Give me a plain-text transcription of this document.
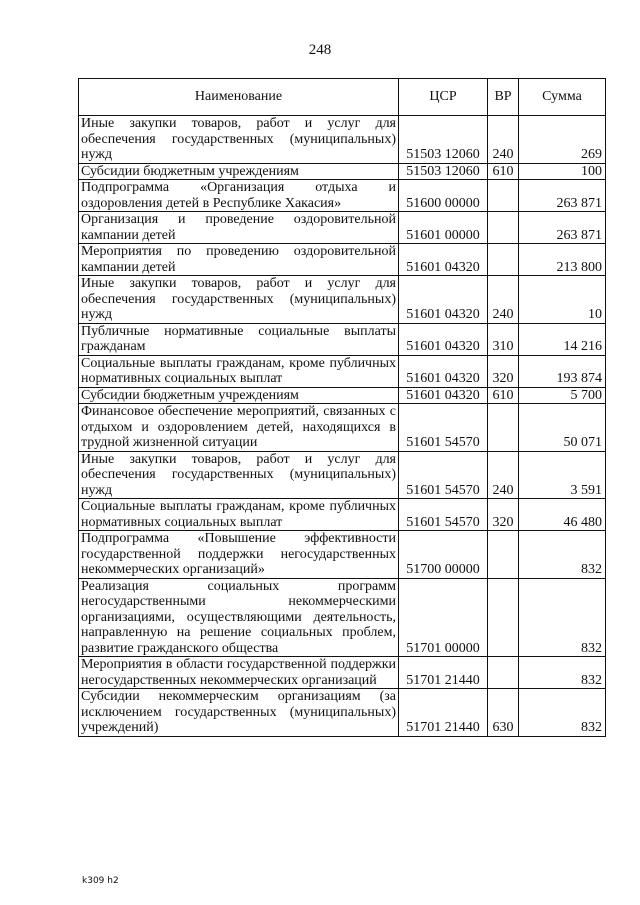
248
Наименование	ЦСР	ВР	Сумма
Иные закупки товаров, работ и услуг для обеспечения государственных (муниципальных) нужд	51503 12060	240	269
Субсидии бюджетным учреждениям	51503 12060	610	100
Подпрограмма «Организация отдыха и оздоровления детей в Республике Хакасия»	51600 00000		263 871
Организация и проведение оздоровительной кампании детей	51601 00000		263 871
Мероприятия по проведению оздоровительной кампании детей	51601 04320		213 800
Иные закупки товаров, работ и услуг для обеспечения государственных (муниципальных) нужд	51601 04320	240	10
Публичные нормативные социальные выплаты гражданам	51601 04320	310	14 216
Социальные выплаты гражданам, кроме публичных нормативных социальных выплат	51601 04320	320	193 874
Субсидии бюджетным учреждениям	51601 04320	610	5 700
Финансовое обеспечение мероприятий, связанных с отдыхом и оздоровлением детей, находящихся в трудной жизненной ситуации	51601 54570		50 071
Иные закупки товаров, работ и услуг для обеспечения государственных (муниципальных) нужд	51601 54570	240	3 591
Социальные выплаты гражданам, кроме публичных нормативных социальных выплат	51601 54570	320	46 480
Подпрограмма «Повышение эффективности государственной поддержки негосударственных некоммерческих организаций»	51700 00000		832
Реализация социальных программ негосударственными некоммерческими организациями, осуществляющими деятельность, направленную на решение социальных проблем, развитие гражданского общества	51701 00000		832
Мероприятия в области государственной поддержки негосударственных некоммерческих организаций	51701 21440		832
Субсидии некоммерческим организациям (за исключением государственных (муниципальных) учреждений)	51701 21440	630	832
k309 h2
